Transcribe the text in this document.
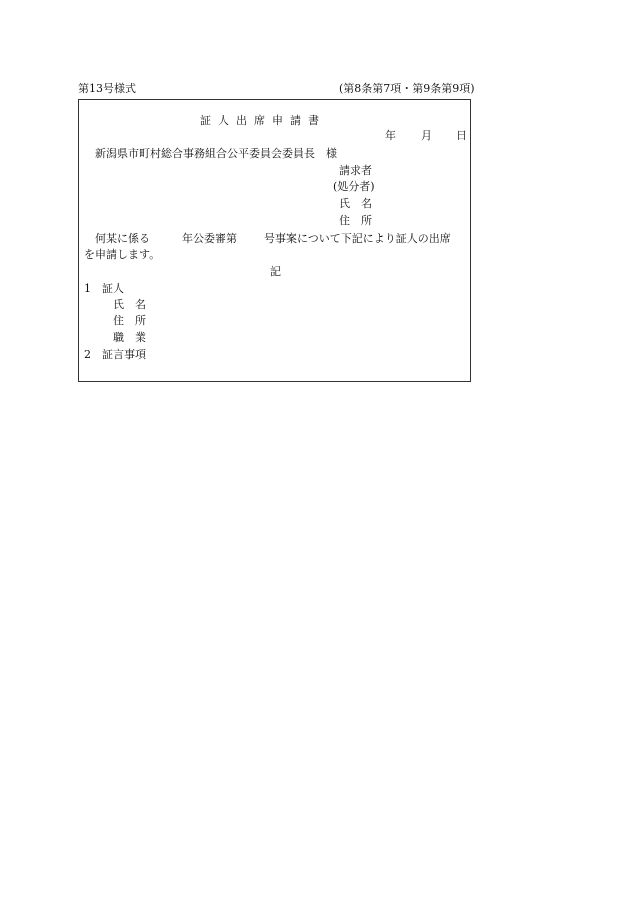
第13号様式	(第8条第7項・第9条第9項)
証人出席申請書
年 月 日
新潟県市町村総合事務組合公平委員会委員長　様
請求者
(処分者)
氏　名
住　所
何某に係る	年公委審第 号事案について下記により証人の出席
を申請します。
記
1 証人
氏　名
住　所
職　業
2 証言事項
